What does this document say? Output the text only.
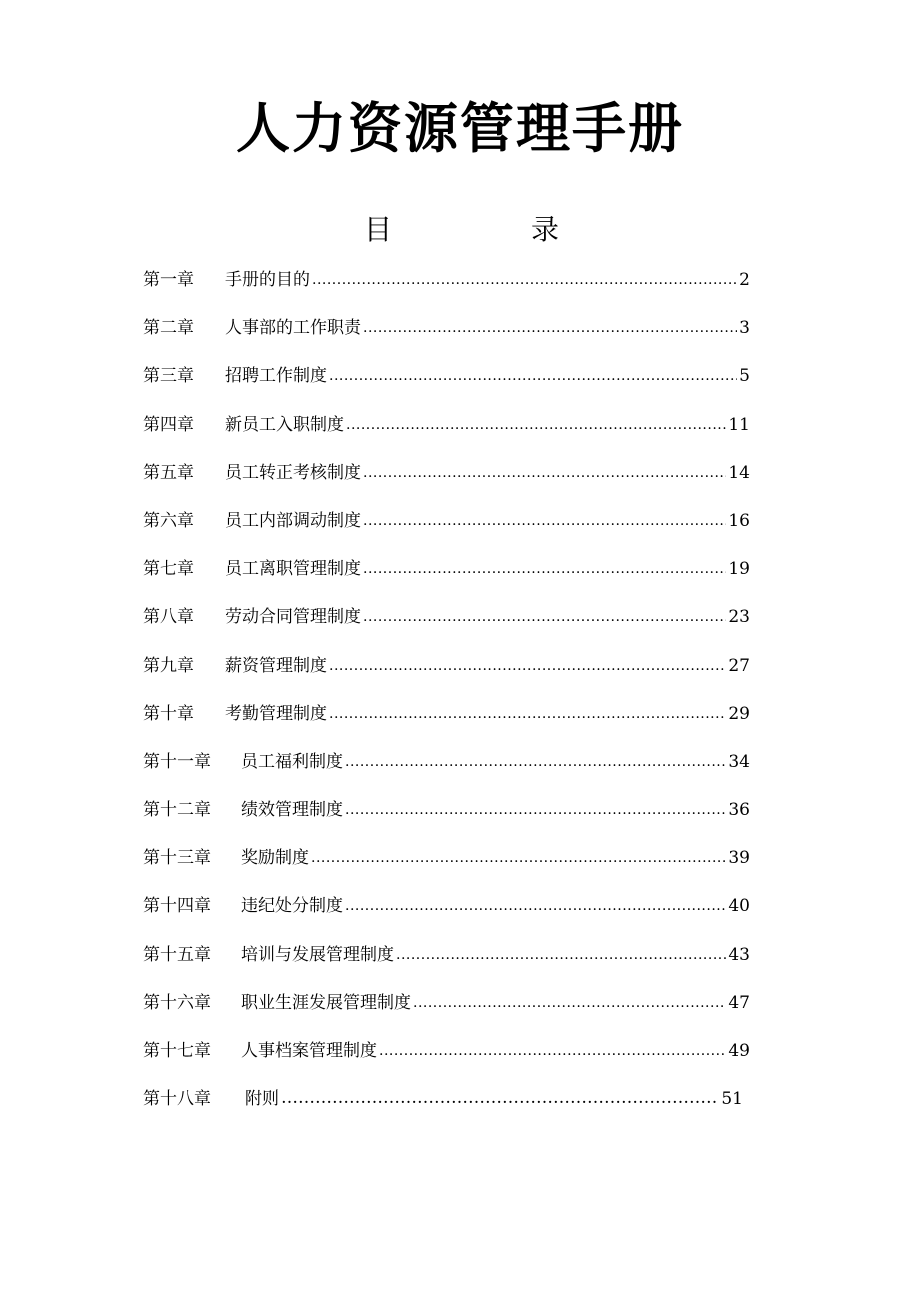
人力资源管理手册
目	录
第一章	手册的目的 .....	2
第二章	人事部的工作职责 .....	3
第三章	招聘工作制度 .....	5
第四章	新员工入职制度 .....	11
第五章	员工转正考核制度 .....	14
第六章	员工内部调动制度 .....	16
第七章	员工离职管理制度 .....	19
第八章	劳动合同管理制度 .....	23
第九章	薪资管理制度 .....	27
第十章	考勤管理制度 .....	29
第十一章	员工福利制度 .....	34
第十二章	绩效管理制度 .....	36
第十三章	奖励制度 .....	39
第十四章	违纪处分制度 .....	40
第十五章	培训与发展管理制度 .....	43
第十六章	职业生涯发展管理制度 .....	47
第十七章	人事档案管理制度 .....	49
第十八章	附则 ………………………………………………………………………………………………………………	51
